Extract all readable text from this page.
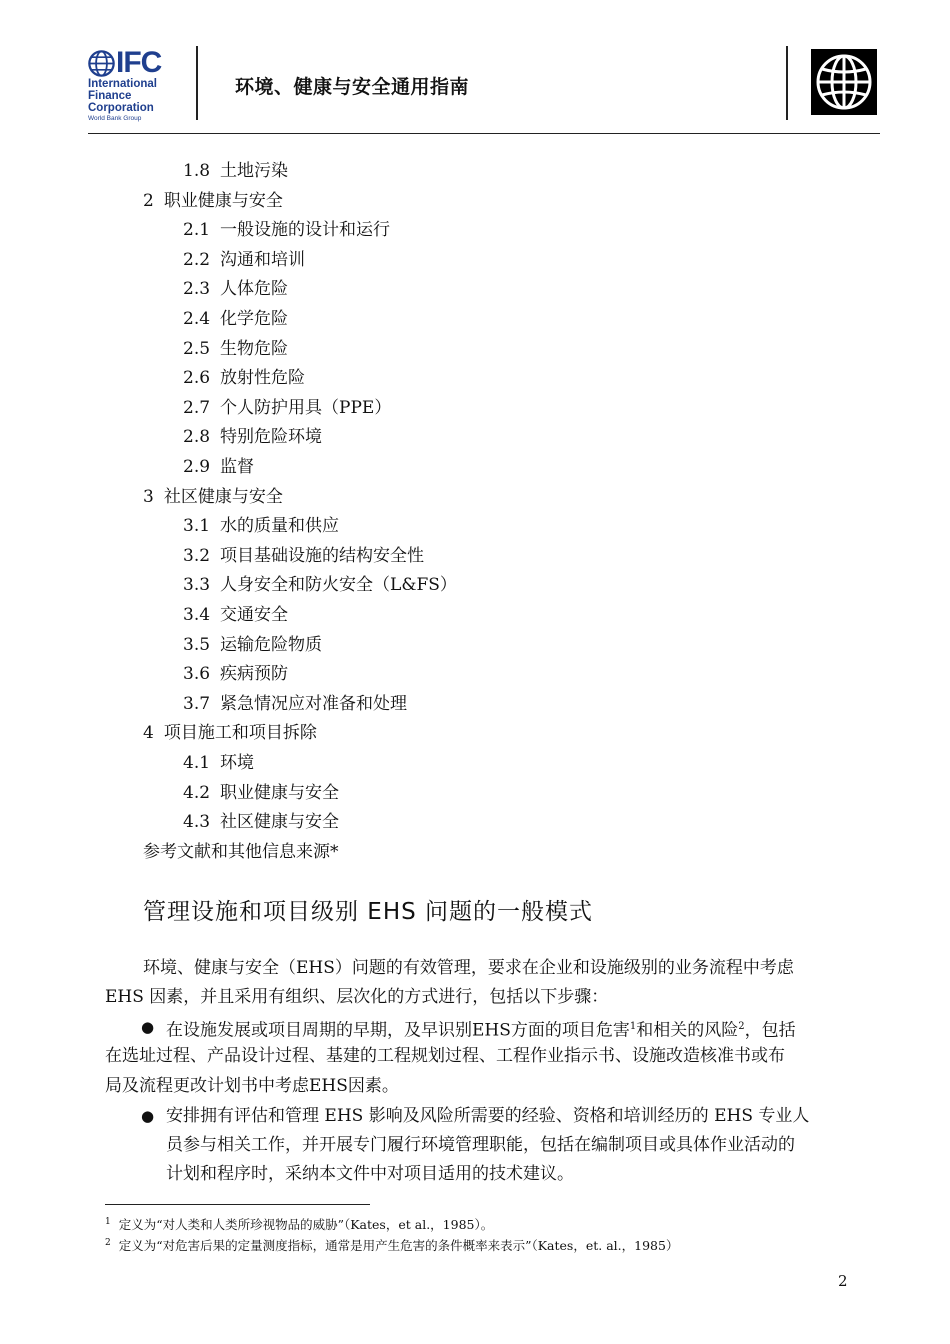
IFC
International
Finance
Corporation
World Bank Group
环境、健康与安全通用指南
1.8 土地污染
2 职业健康与安全
2.1 一般设施的设计和运行
2.2 沟通和培训
2.3 人体危险
2.4 化学危险
2.5 生物危险
2.6 放射性危险
2.7 个人防护用具（PPE）
2.8 特别危险环境
2.9 监督
3 社区健康与安全
3.1 水的质量和供应
3.2 项目基础设施的结构安全性
3.3 人身安全和防火安全（L&FS）
3.4 交通安全
3.5 运输危险物质
3.6 疾病预防
3.7 紧急情况应对准备和处理
4 项目施工和项目拆除
4.1 环境
4.2 职业健康与安全
4.3 社区健康与安全
参考文献和其他信息来源*
管理设施和项目级别 EHS 问题的一般模式
环境、健康与安全（EHS）问题的有效管理，要求在企业和设施级别的业务流程中考虑
EHS 因素，并且采用有组织、层次化的方式进行，包括以下步骤：
● 在设施发展或项目周期的早期，及早识别EHS方面的项目危害$^1$和相关的风险$^2$，包括
在选址过程、产品设计过程、基建的工程规划过程、工程作业指示书、设施改造核准书或布
局及流程更改计划书中考虑EHS因素。
● 安排拥有评估和管理 EHS 影响及风险所需要的经验、资格和培训经历的 EHS 专业人
员参与相关工作，并开展专门履行环境管理职能，包括在编制项目或具体作业活动的
计划和程序时，采纳本文件中对项目适用的技术建议。
$^1$ 定义为“对人类和人类所珍视物品的威胁”（Kates，et al.，1985）。
$^2$ 定义为“对危害后果的定量测度指标，通常是用产生危害的条件概率来表示”（Kates，et. al.，1985）
2
